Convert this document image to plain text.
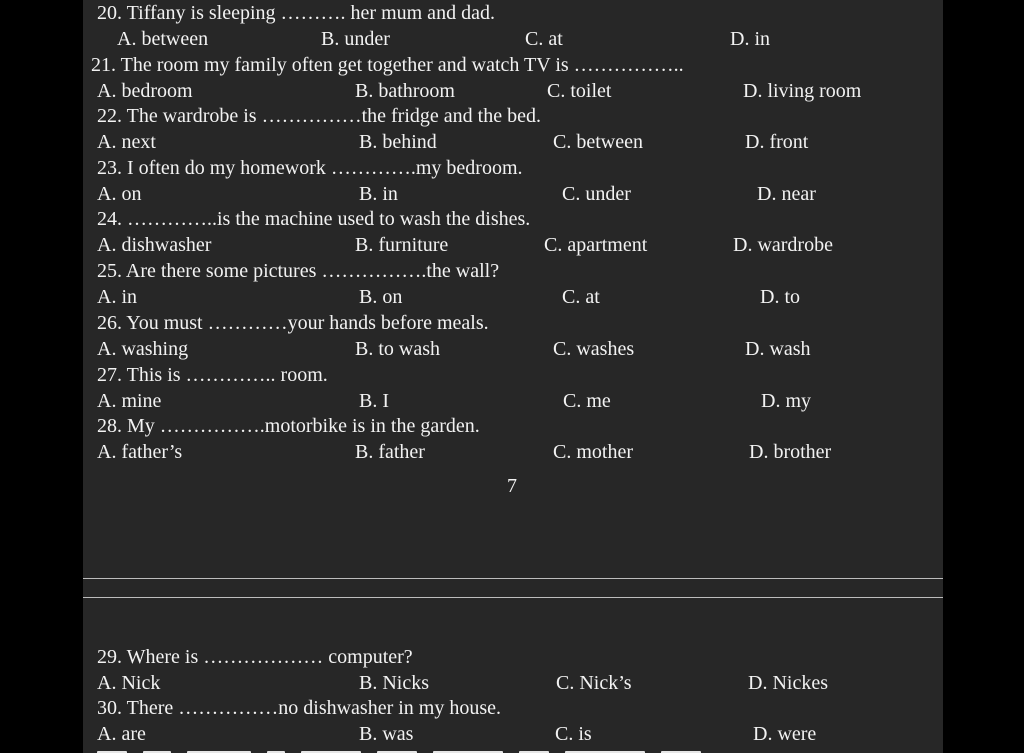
20. Tiffany is sleeping ………. her mum and dad.
A. between	B. under	C. at	D. in
21. The room my family often get together and watch TV is ……………..
A. bedroom	B. bathroom	C. toilet	D. living room
22. The wardrobe is ……………the fridge and the bed.
A. next	B. behind	C. between	D. front
23. I often do my homework ………….my bedroom.
A. on	B. in	C. under	D. near
24. …………..is the machine used to wash the dishes.
A. dishwasher	B. furniture	C. apartment	D. wardrobe
25. Are there some pictures …………….the wall?
A. in	B. on	C. at	D. to
26. You must …………your hands before meals.
A. washing	B. to wash	C. washes	D. wash
27. This is ………….. room.
A. mine	B. I	C. me	D. my
28. My …………….motorbike is in the garden.
A. father’s	B. father	C. mother	D. brother
7
29. Where is ……………… computer?
A. Nick	B. Nicks	C. Nick’s	D. Nickes
30. There ……………no dishwasher in my house.
A. are	B. was	C. is	D. were
